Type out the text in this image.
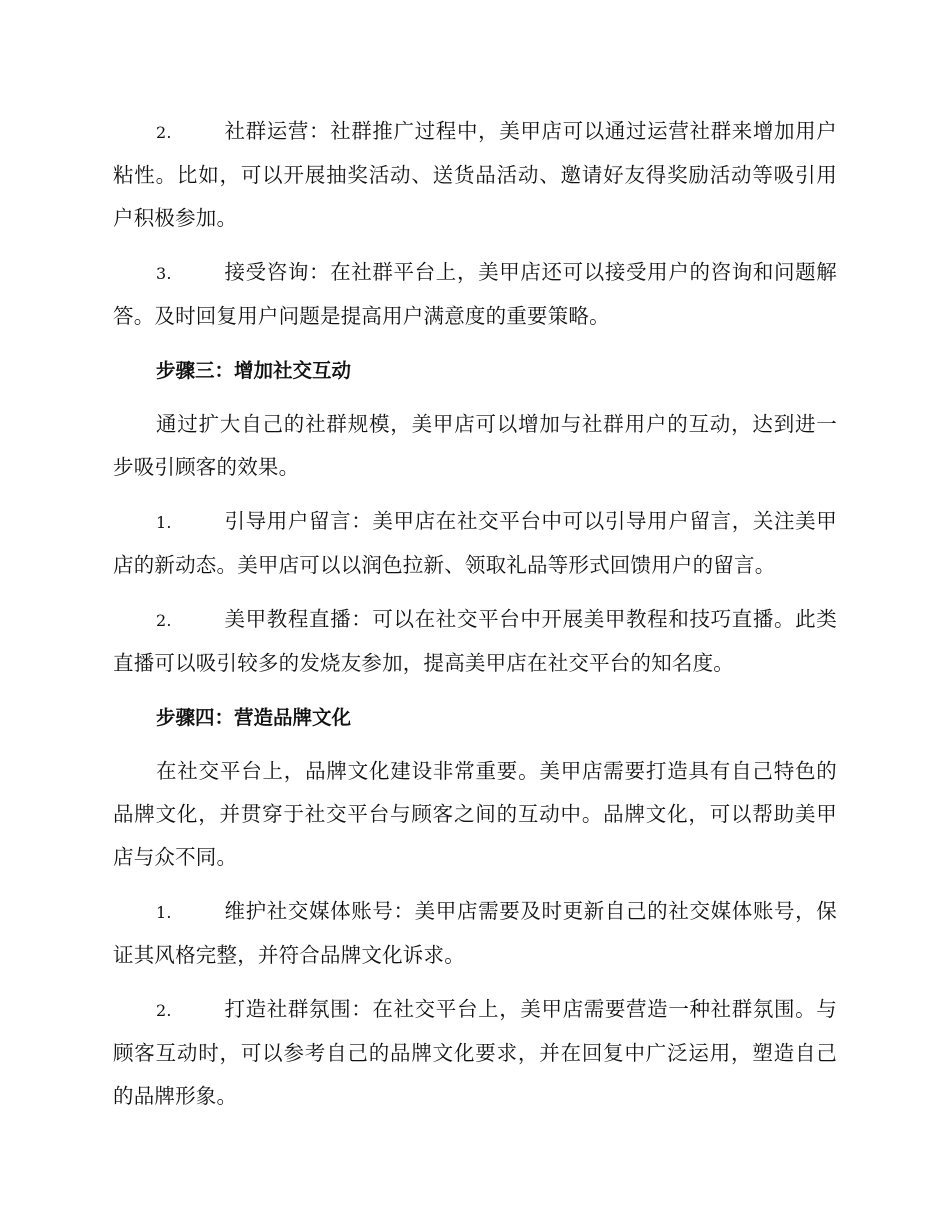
2.	社群运营：社群推广过程中，美甲店可以通过运营社群来增加用户粘性。比如，可以开展抽奖活动、送货品活动、邀请好友得奖励活动等吸引用户积极参加。

3.	接受咨询：在社群平台上，美甲店还可以接受用户的咨询和问题解答。及时回复用户问题是提高用户满意度的重要策略。

步骤三：增加社交互动

通过扩大自己的社群规模，美甲店可以增加与社群用户的互动，达到进一步吸引顾客的效果。

1.	引导用户留言：美甲店在社交平台中可以引导用户留言，关注美甲店的新动态。美甲店可以以润色拉新、领取礼品等形式回馈用户的留言。

2.	美甲教程直播：可以在社交平台中开展美甲教程和技巧直播。此类直播可以吸引较多的发烧友参加，提高美甲店在社交平台的知名度。

步骤四：营造品牌文化

在社交平台上，品牌文化建设非常重要。美甲店需要打造具有自己特色的品牌文化，并贯穿于社交平台与顾客之间的互动中。品牌文化，可以帮助美甲店与众不同。

1.	维护社交媒体账号：美甲店需要及时更新自己的社交媒体账号，保证其风格完整，并符合品牌文化诉求。

2.	打造社群氛围：在社交平台上，美甲店需要营造一种社群氛围。与顾客互动时，可以参考自己的品牌文化要求，并在回复中广泛运用，塑造自己的品牌形象。
